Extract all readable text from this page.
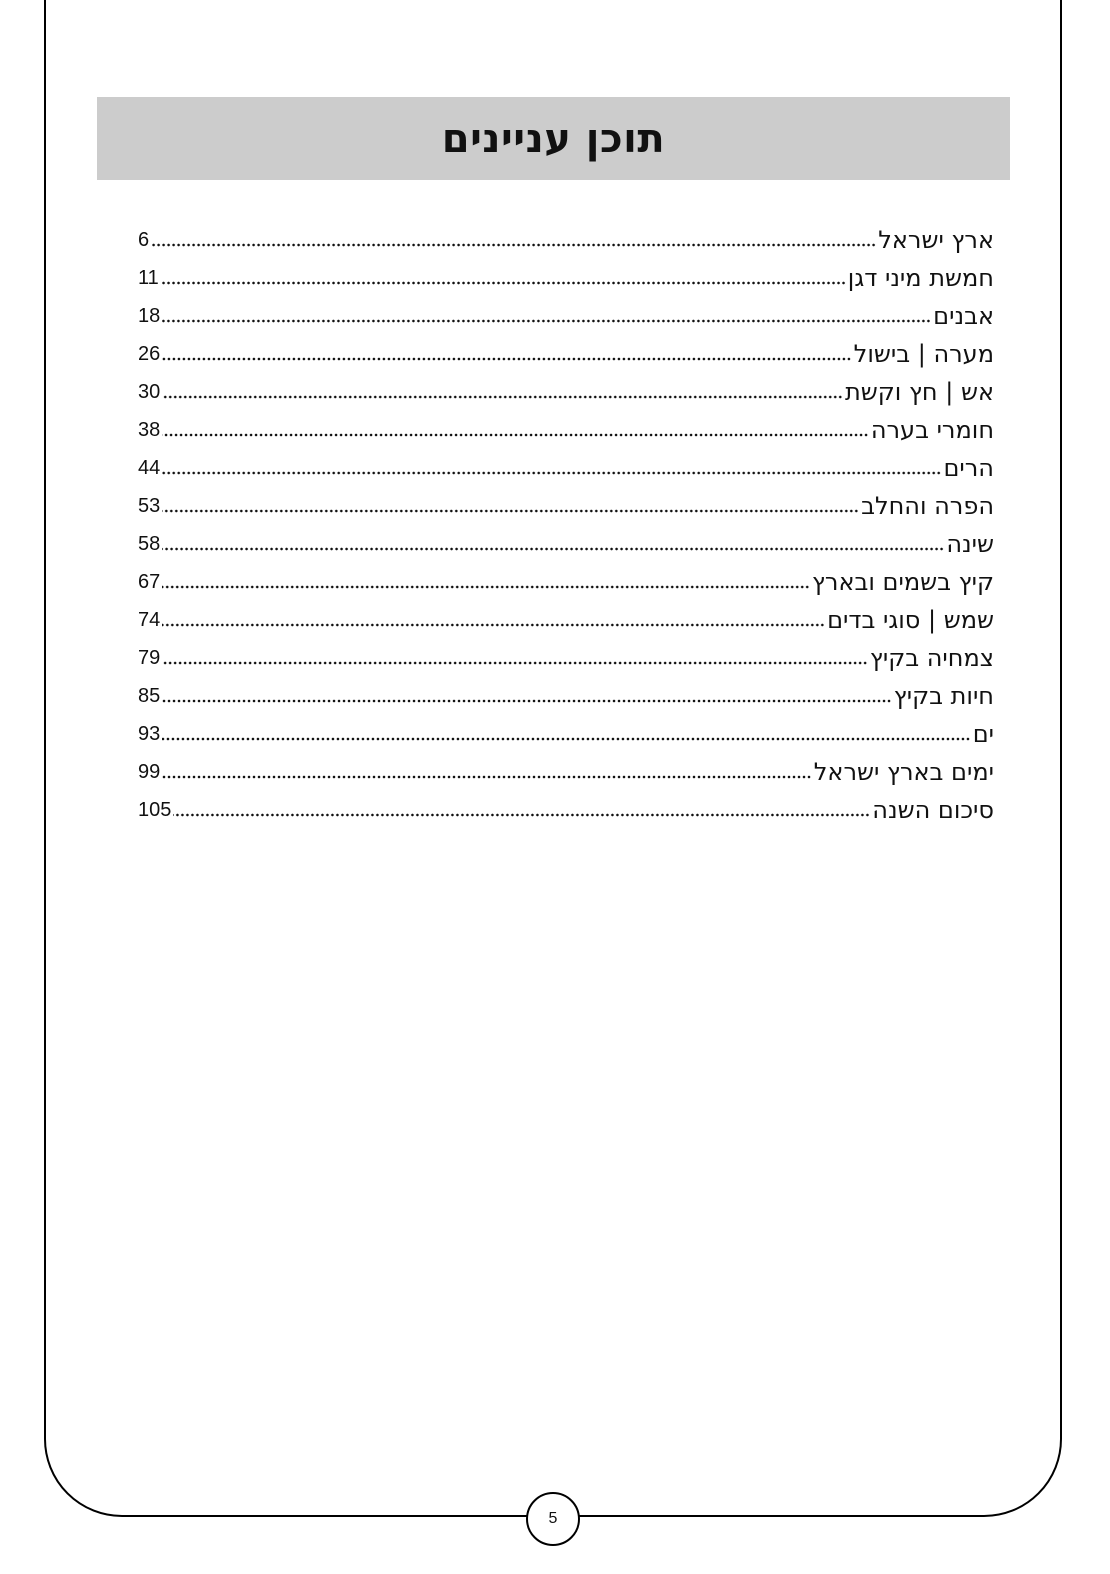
תוכן עניינים
ארץ ישראל
6
חמשת מיני דגן
11
אבנים
18
מערה | בישול
26
אש | חץ וקשת
30
חומרי בערה
38
הרים
44
הפרה והחלב
53
שינה
58
קיץ בשמים ובארץ
67
שמש | סוגי בדים
74
צמחיה בקיץ
79
חיות בקיץ
85
ים
93
ימים בארץ ישראל
99
סיכום השנה
105
5
